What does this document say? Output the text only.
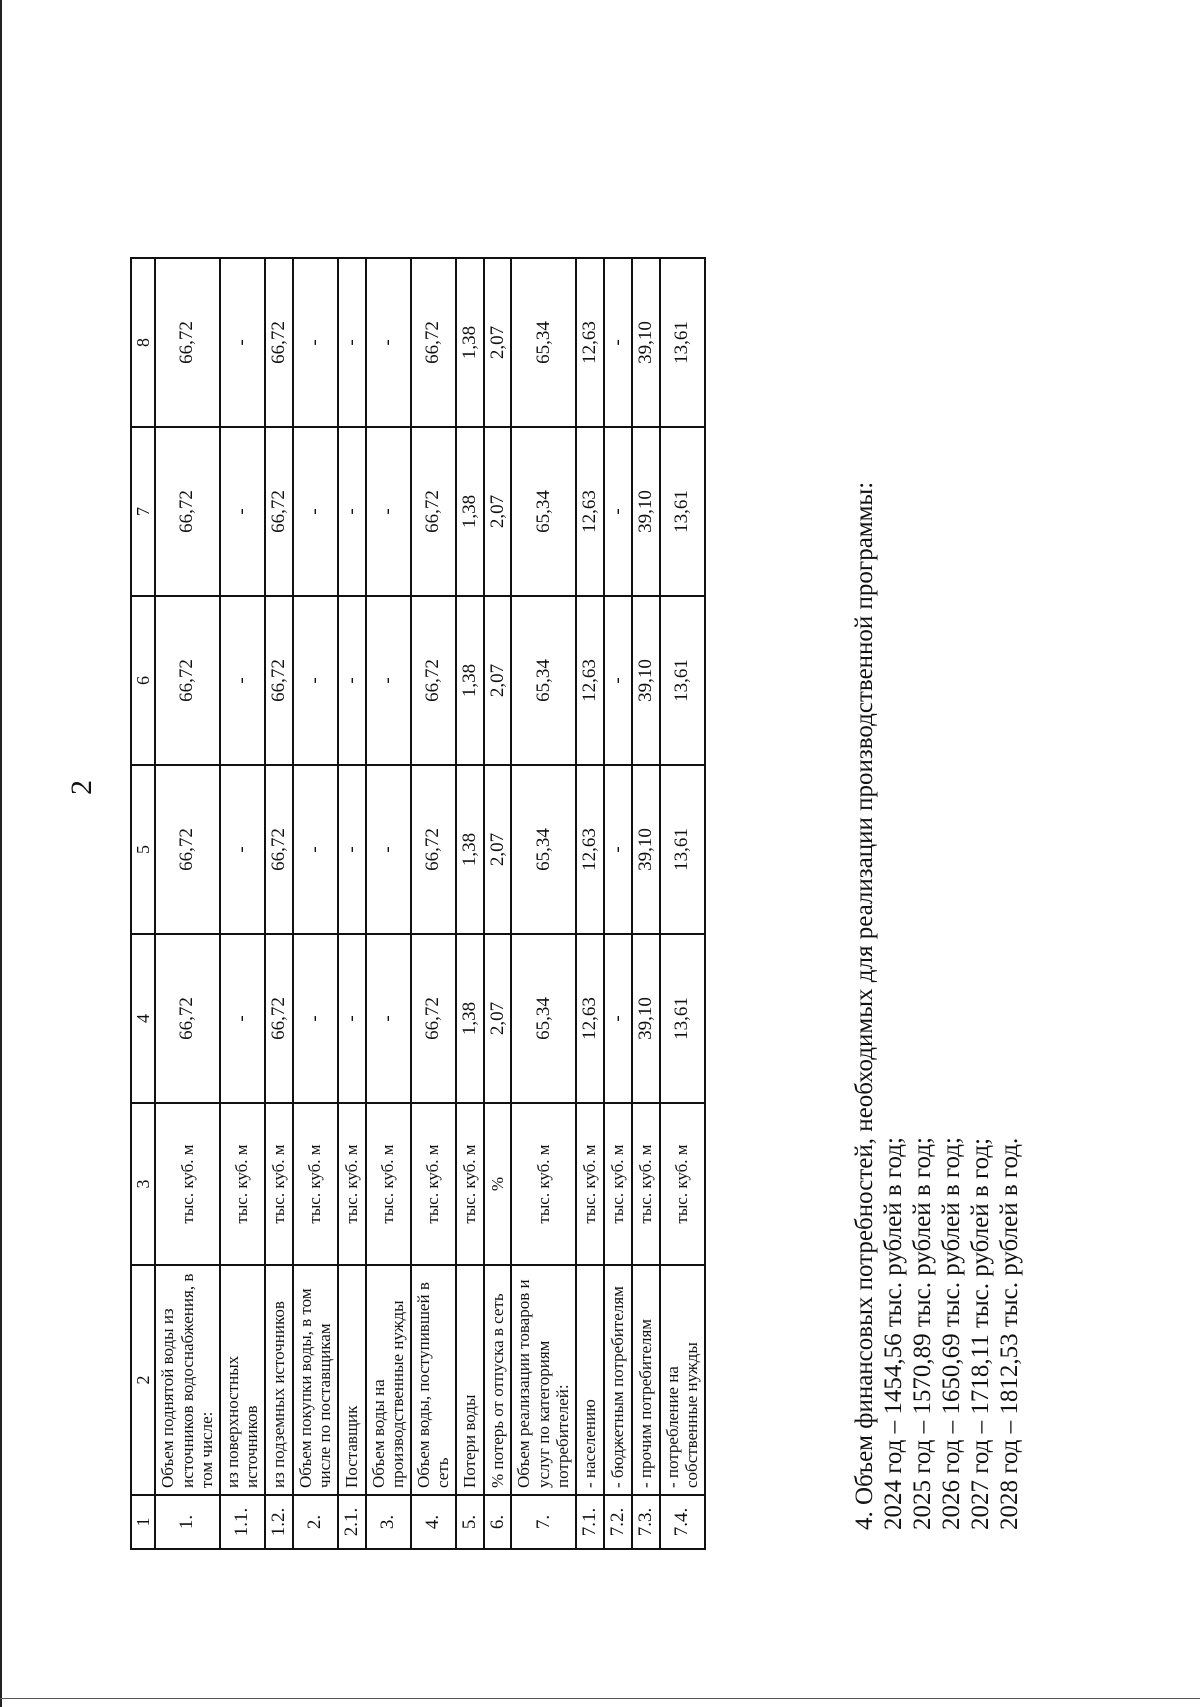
2
1	2	3	4	5	6	7	8
1.	Объем поднятой воды из источников водоснабжения, в том числе:	тыс. куб. м	66,72	66,72	66,72	66,72	66,72
1.1.	из поверхностных источников	тыс. куб. м	-	-	-	-	-
1.2.	из подземных источников	тыс. куб. м	66,72	66,72	66,72	66,72	66,72
2.	Объем покупки воды, в том числе по поставщикам	тыс. куб. м	-	-	-	-	-
2.1.	Поставщик	тыс. куб. м	-	-	-	-	-
3.	Объем воды на производственные нужды	тыс. куб. м	-	-	-	-	-
4.	Объем воды, поступившей в сеть	тыс. куб. м	66,72	66,72	66,72	66,72	66,72
5.	Потери воды	тыс. куб. м	1,38	1,38	1,38	1,38	1,38
6.	% потерь от отпуска в сеть	%	2,07	2,07	2,07	2,07	2,07
7.	Объем реализации товаров и услуг по категориям потребителей:	тыс. куб. м	65,34	65,34	65,34	65,34	65,34
7.1.	- населению	тыс. куб. м	12,63	12,63	12,63	12,63	12,63
7.2.	- бюджетным потребителям	тыс. куб. м	-	-	-	-	-
7.3.	- прочим потребителям	тыс. куб. м	39,10	39,10	39,10	39,10	39,10
7.4.	- потребление на собственные нужды	тыс. куб. м	13,61	13,61	13,61	13,61	13,61
4. Объем финансовых потребностей, необходимых для реализации производственной программы: 2024 год – 1454,56 тыс. рублей в год; 2025 год – 1570,89 тыс. рублей в год; 2026 год – 1650,69 тыс. рублей в год; 2027 год – 1718,11 тыс. рублей в год; 2028 год – 1812,53 тыс. рублей в год.
